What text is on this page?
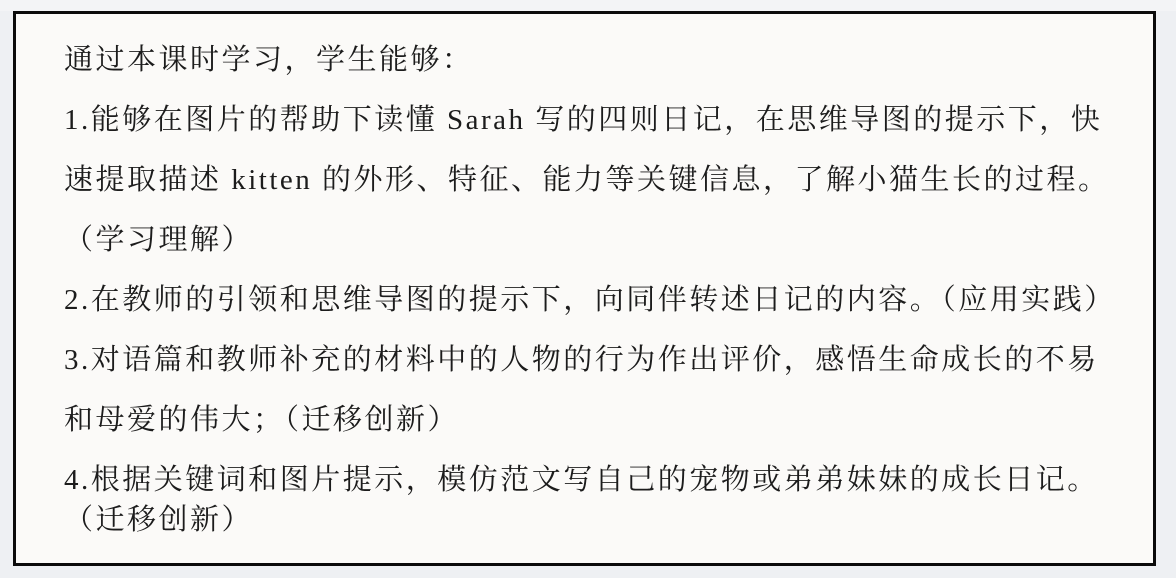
通过本课时学习，学生能够：
1.能够在图片的帮助下读懂 Sarah 写的四则日记，在思维导图的提示下，快
速提取描述 kitten 的外形、特征、能力等关键信息，了解小猫生长的过程。
（学习理解）
2.在教师的引领和思维导图的提示下，向同伴转述日记的内容。（应用实践）
3.对语篇和教师补充的材料中的人物的行为作出评价，感悟生命成长的不易
和母爱的伟大；（迁移创新）
4.根据关键词和图片提示，模仿范文写自己的宠物或弟弟妹妹的成长日记。
（迁移创新）
